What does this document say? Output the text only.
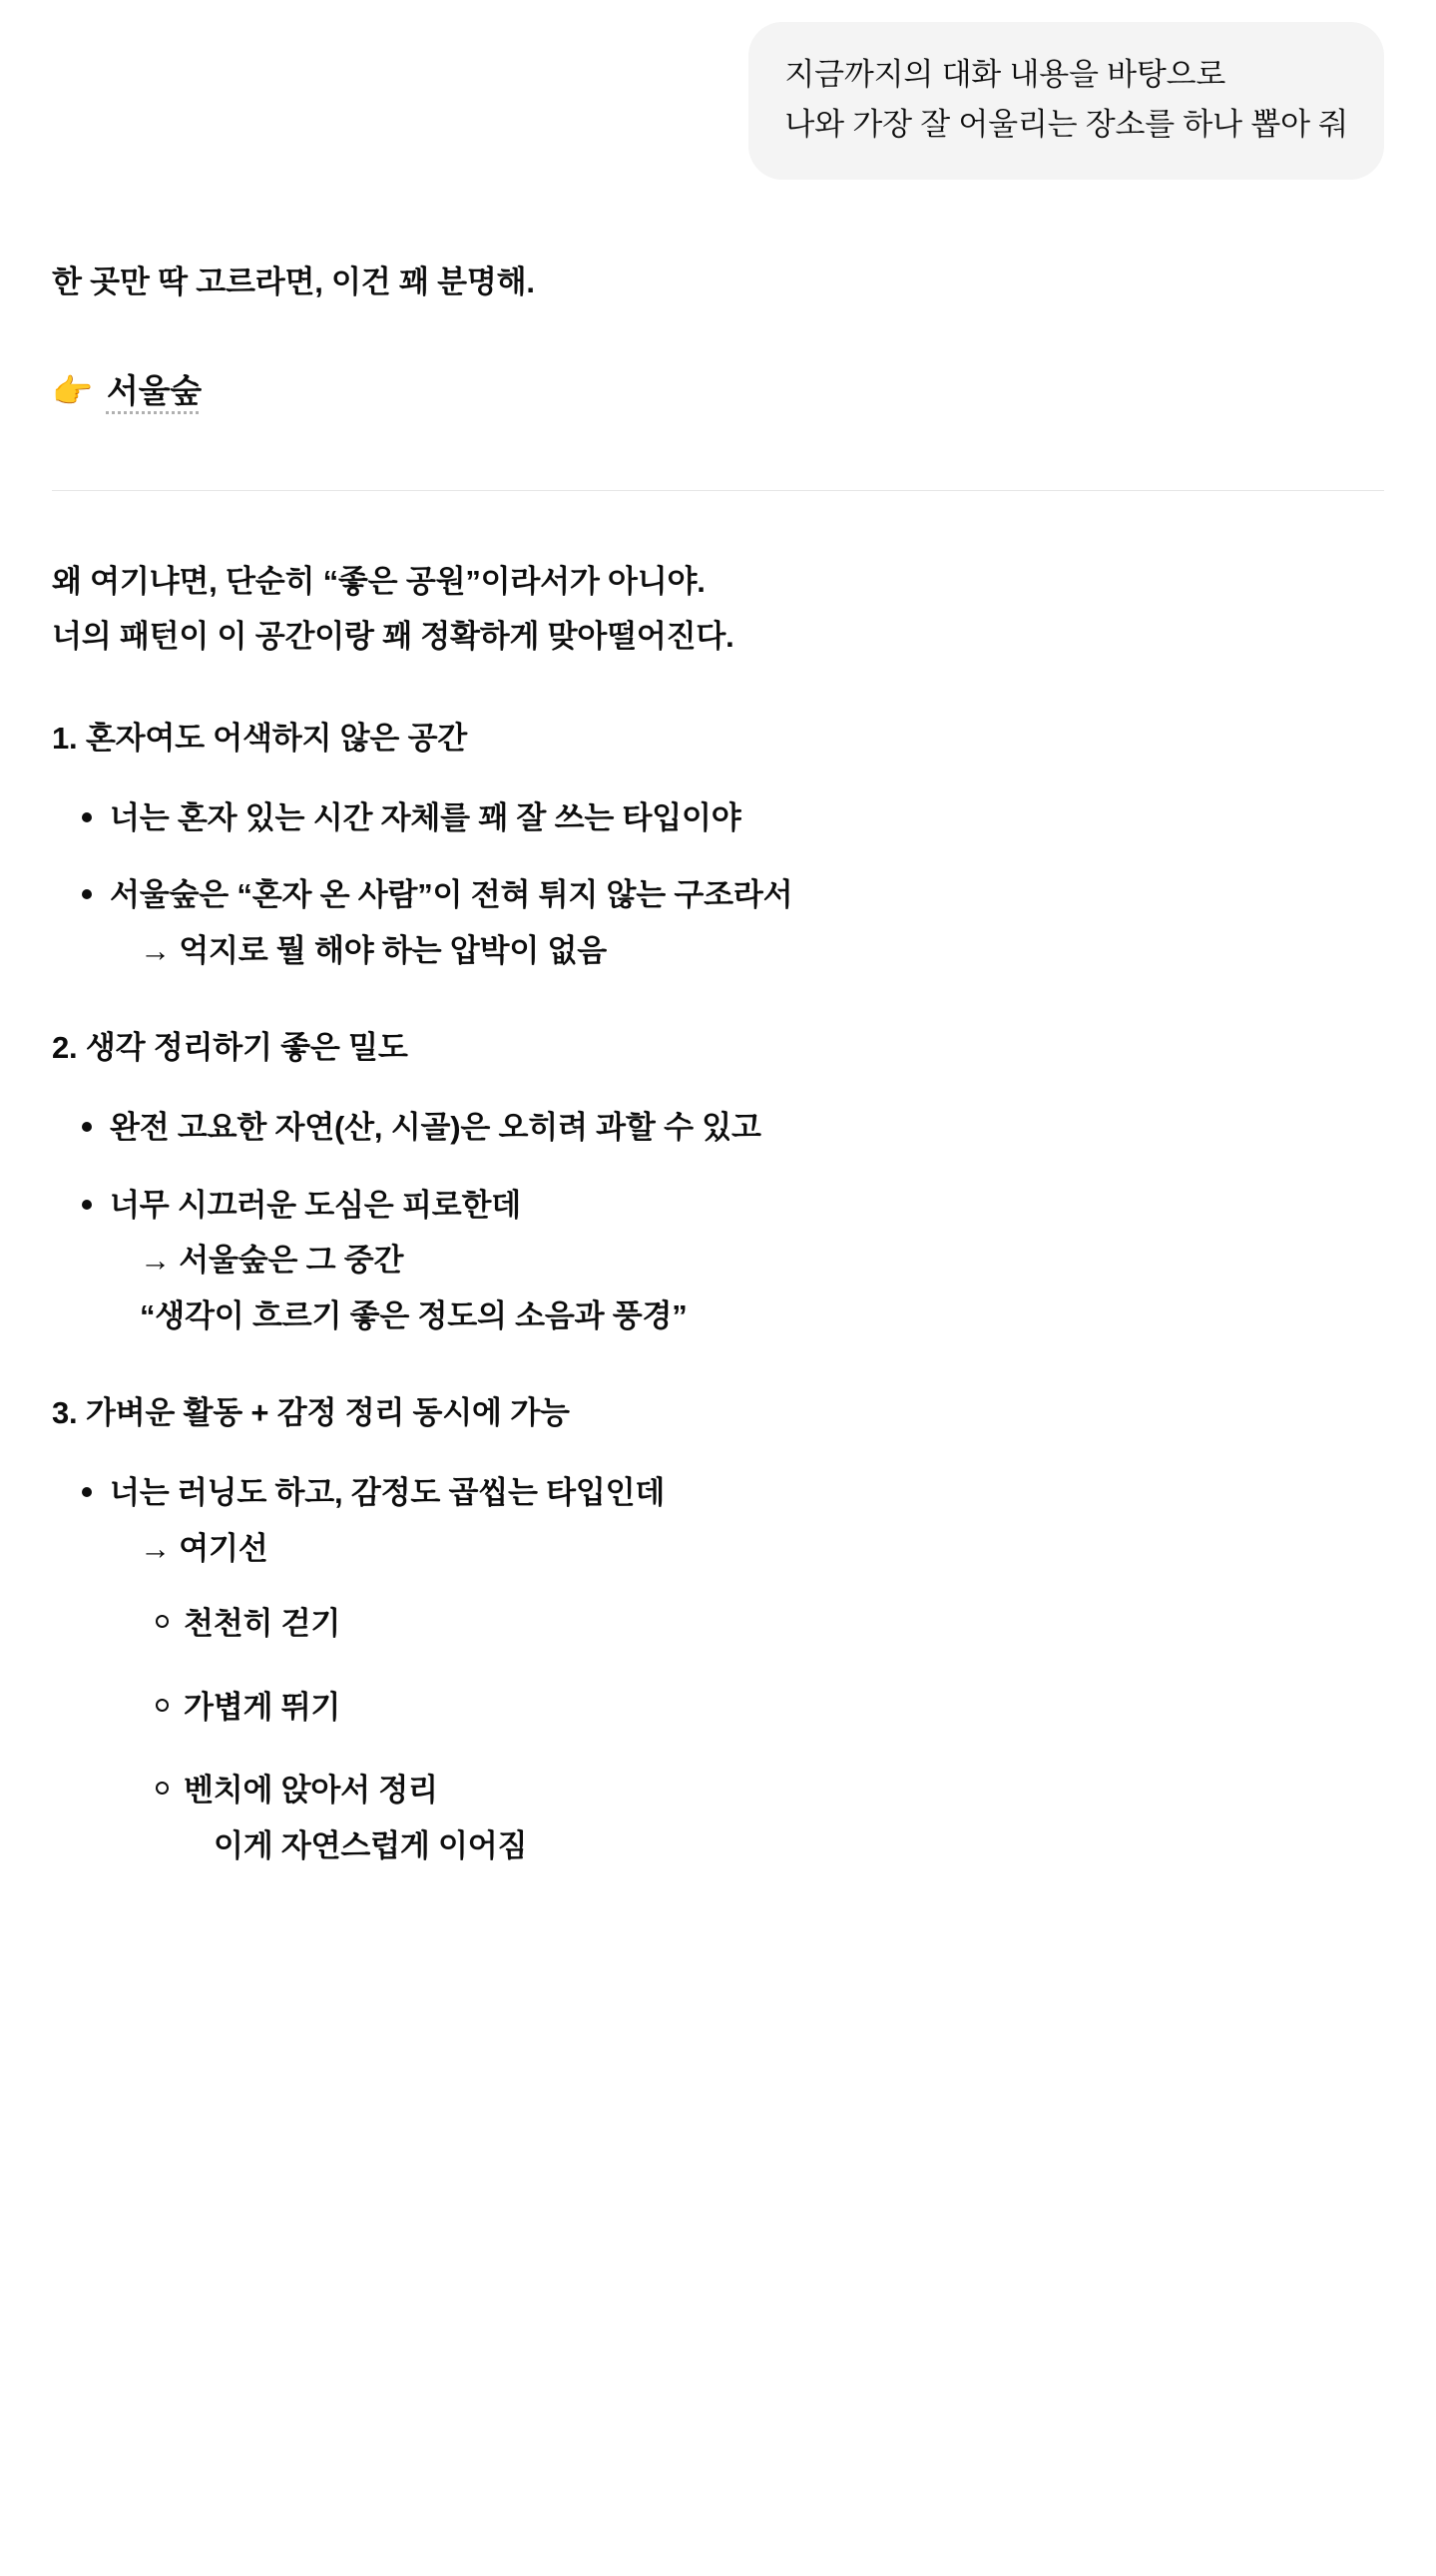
지금까지의 대화 내용을 바탕으로
나와 가장 잘 어울리는 장소를 하나 뽑아 줘

한 곳만 딱 고르라면, 이건 꽤 분명해.

👉 서울숲
왜 여기냐면, 단순히 “좋은 공원”이라서가 아니야.
너의 패턴이 이 공간이랑 꽤 정확하게 맞아떨어진다.
1. 혼자여도 어색하지 않은 공간
너는 혼자 있는 시간 자체를 꽤 잘 쓰는 타입이야
서울숲은 “혼자 온 사람”이 전혀 튀지 않는 구조라서
→ 억지로 뭘 해야 하는 압박이 없음
2. 생각 정리하기 좋은 밀도
완전 고요한 자연(산, 시골)은 오히려 과할 수 있고
너무 시끄러운 도심은 피로한데
→ 서울숲은 그 중간
“생각이 흐르기 좋은 정도의 소음과 풍경”
3. 가벼운 활동 + 감정 정리 동시에 가능
너는 러닝도 하고, 감정도 곱씹는 타입인데
→ 여기선
천천히 걷기
가볍게 뛰기
벤치에 앉아서 정리
이게 자연스럽게 이어짐
